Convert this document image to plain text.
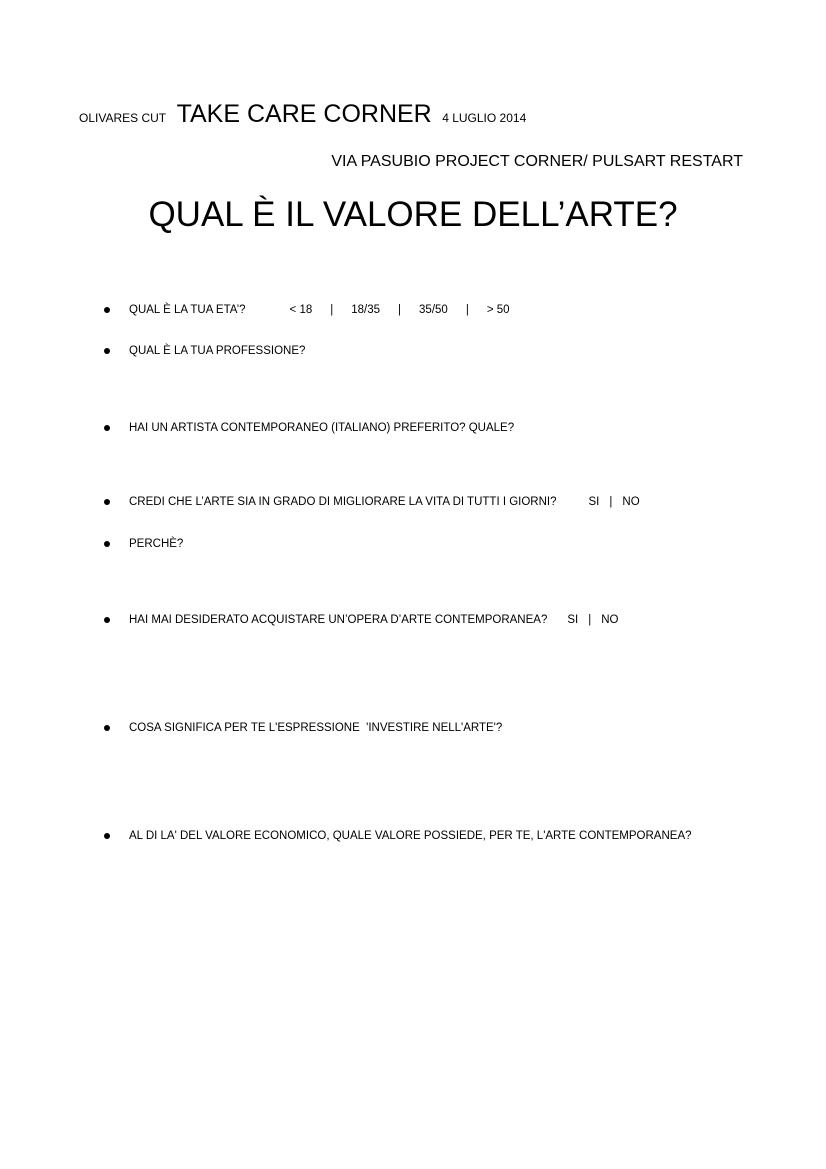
OLIVARES CUT TAKE CARE CORNER 4 LUGLIO 2014
VIA PASUBIO PROJECT CORNER/ PULSART RESTART
QUAL È IL VALORE DELL’ARTE?
QUAL È LA TUA ETA’?	< 18 | 18/35 | 35/50 | > 50
QUAL È LA TUA PROFESSIONE?
HAI UN ARTISTA CONTEMPORANEO (ITALIANO) PREFERITO? QUALE?
CREDI CHE L’ARTE SIA IN GRADO DI MIGLIORARE LA VITA DI TUTTI I GIORNI?	SI | NO
PERCHÈ?
HAI MAI DESIDERATO ACQUISTARE UN’OPERA D’ARTE CONTEMPORANEA? SI | NO
COSA SIGNIFICA PER TE L'ESPRESSIONE  'INVESTIRE NELL'ARTE'?
AL DI LA' DEL VALORE ECONOMICO, QUALE VALORE POSSIEDE, PER TE, L'ARTE CONTEMPORANEA?
